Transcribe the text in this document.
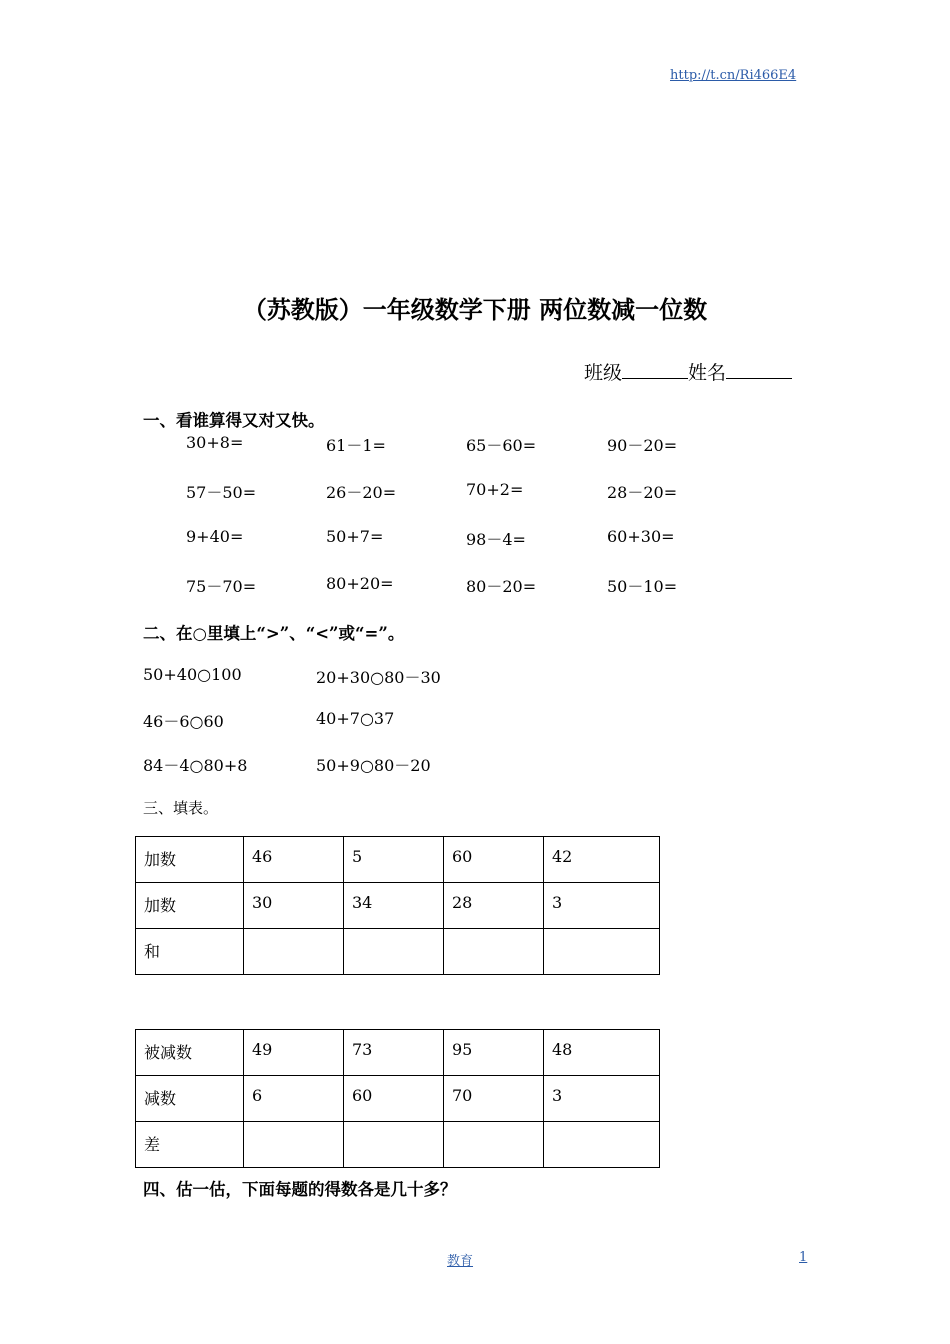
http://t.cn/Ri466E4
（苏教版）一年级数学下册 两位数减一位数
班级	姓名
一、看谁算得又对又快。
30+8=	61－1=	65－60=	90－20=
57－50=	26－20=	70+2=	28－20=
9+40=	50+7=	98－4=	60+30=
75－70=	80+20=	80－20=	50－10=
二、在○里填上“>”、“<”或“=”。
50+40○100	20+30○80－30
46－6○60	40+7○37
84－4○80+8	50+9○80－20
三、填表。
加数	46	5	60	42
加数	30	34	28	3
和				
被减数	49	73	95	48
减数	6	60	70	3
差				
四、估一估，下面每题的得数各是几十多？
教育	1
